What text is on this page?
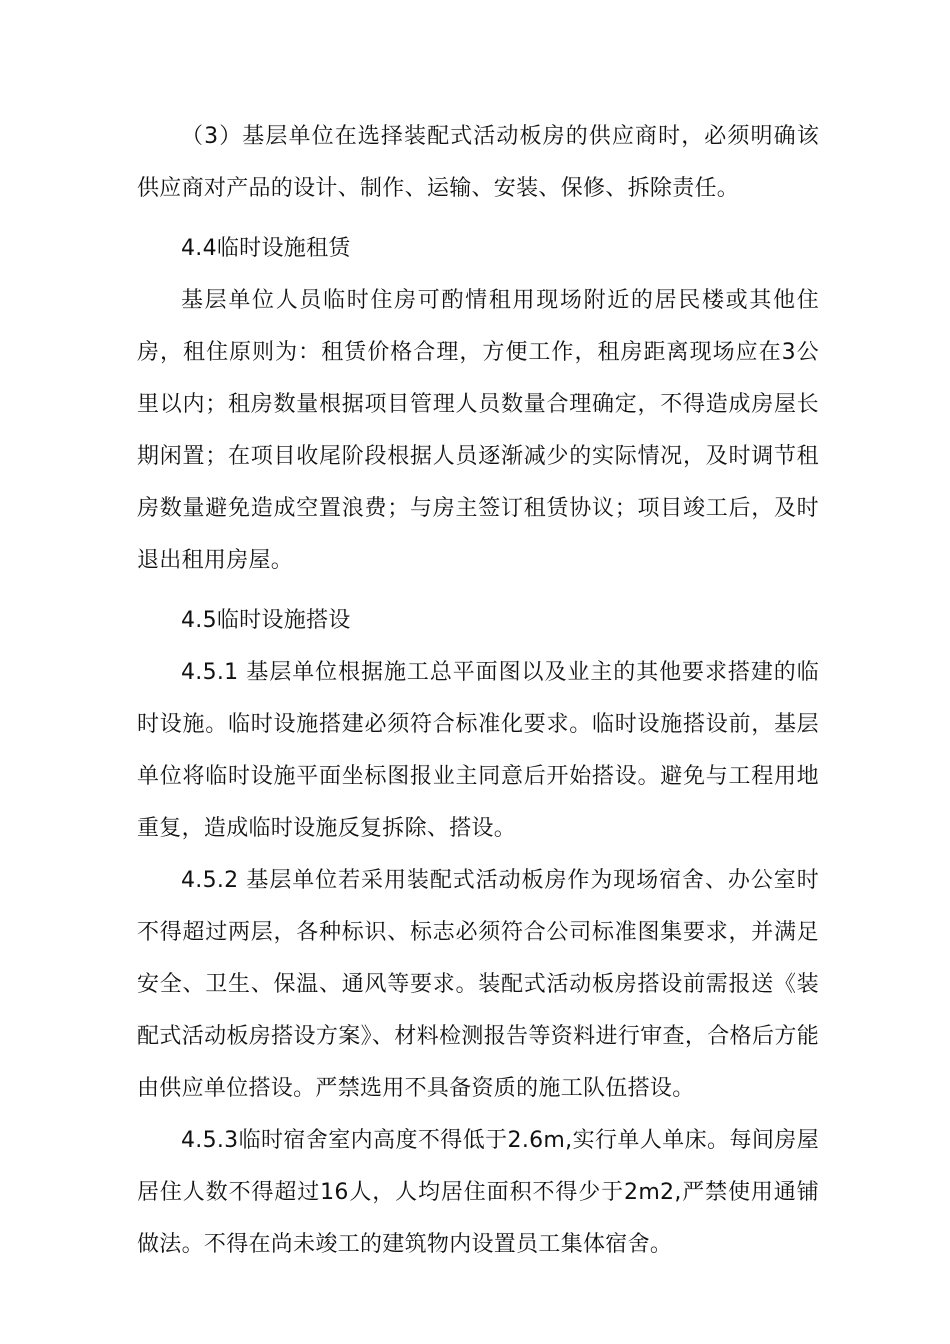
（3）基层单位在选择装配式活动板房的供应商时，必须明确该供应商对产品的设计、制作、运输、安装、保修、拆除责任。

4.4临时设施租赁

基层单位人员临时住房可酌情租用现场附近的居民楼或其他住房，租住原则为：租赁价格合理，方便工作，租房距离现场应在3公里以内；租房数量根据项目管理人员数量合理确定，不得造成房屋长期闲置；在项目收尾阶段根据人员逐渐减少的实际情况，及时调节租房数量避免造成空置浪费；与房主签订租赁协议；项目竣工后，及时退出租用房屋。

4.5临时设施搭设

4.5.1 基层单位根据施工总平面图以及业主的其他要求搭建的临时设施。临时设施搭建必须符合标准化要求。临时设施搭设前，基层单位将临时设施平面坐标图报业主同意后开始搭设。避免与工程用地重复，造成临时设施反复拆除、搭设。

4.5.2 基层单位若采用装配式活动板房作为现场宿舍、办公室时不得超过两层，各种标识、标志必须符合公司标准图集要求，并满足安全、卫生、保温、通风等要求。装配式活动板房搭设前需报送《装配式活动板房搭设方案》、材料检测报告等资料进行审查，合格后方能由供应单位搭设。严禁选用不具备资质的施工队伍搭设。

4.5.3临时宿舍室内高度不得低于2.6m,实行单人单床。每间房屋居住人数不得超过16人，人均居住面积不得少于2m2,严禁使用通铺做法。不得在尚未竣工的建筑物内设置员工集体宿舍。
